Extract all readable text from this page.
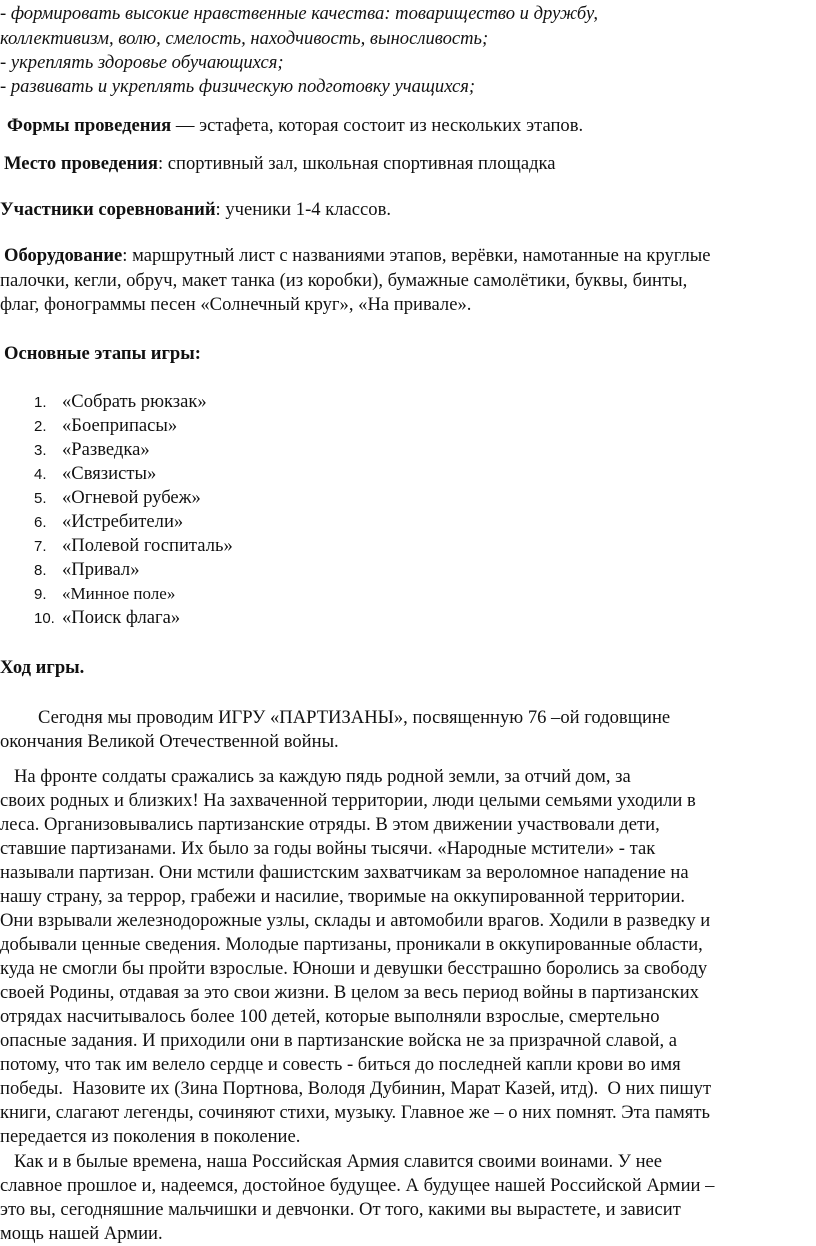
- формировать высокие нравственные качества: товарищество и дружбу,
коллективизм, волю, смелость, находчивость, выносливость;
- укреплять здоровье обучающихся;
- развивать и укреплять физическую подготовку учащихся;
Формы проведения — эстафета, которая состоит из нескольких этапов.
Место проведения: спортивный зал, школьная спортивная площадка
Участники соревнований: ученики 1-4 классов.
Оборудование: маршрутный лист с названиями этапов, верёвки, намотанные на круглые
палочки, кегли, обруч, макет танка (из коробки), бумажные самолётики, буквы, бинты,
флаг, фонограммы песен «Солнечный круг», «На привале».
Основные этапы игры:
1. «Собрать рюкзак»
2. «Боеприпасы»
3. «Разведка»
4. «Связисты»
5. «Огневой рубеж»
6. «Истребители»
7. «Полевой госпиталь»
8. «Привал»
9. «Минное поле»
10. «Поиск флага»
Ход игры.
Сегодня мы проводим ИГРУ «ПАРТИЗАНЫ», посвященную 76 –ой годовщине
окончания Великой Отечественной войны.
На фронте солдаты сражались за каждую пядь родной земли, за отчий дом, за
своих родных и близких! На захваченной территории, люди целыми семьями уходили в
леса. Организовывались партизанские отряды. В этом движении участвовали дети,
ставшие партизанами. Их было за годы войны тысячи. «Народные мстители» - так
называли партизан. Они мстили фашистским захватчикам за вероломное нападение на
нашу страну, за террор, грабежи и насилие, творимые на оккупированной территории.
Они взрывали железнодорожные узлы, склады и автомобили врагов. Ходили в разведку и
добывали ценные сведения. Молодые партизаны, проникали в оккупированные области,
куда не смогли бы пройти взрослые. Юноши и девушки бесстрашно боролись за свободу
своей Родины, отдавая за это свои жизни. В целом за весь период войны в партизанских
отрядах насчитывалось более 100 детей, которые выполняли взрослые, смертельно
опасные задания. И приходили они в партизанские войска не за призрачной славой, а
потому, что так им велело сердце и совесть - биться до последней капли крови во имя
победы.  Назовите их (Зина Портнова, Володя Дубинин, Марат Казей, итд).  О них пишут
книги, слагают легенды, сочиняют стихи, музыку. Главное же – о них помнят. Эта память
передается из поколения в поколение.
Как и в былые времена, наша Российская Армия славится своими воинами. У нее
славное прошлое и, надеемся, достойное будущее. А будущее нашей Российской Армии –
это вы, сегодняшние мальчишки и девчонки. От того, какими вы вырастете, и зависит
мощь нашей Армии.
